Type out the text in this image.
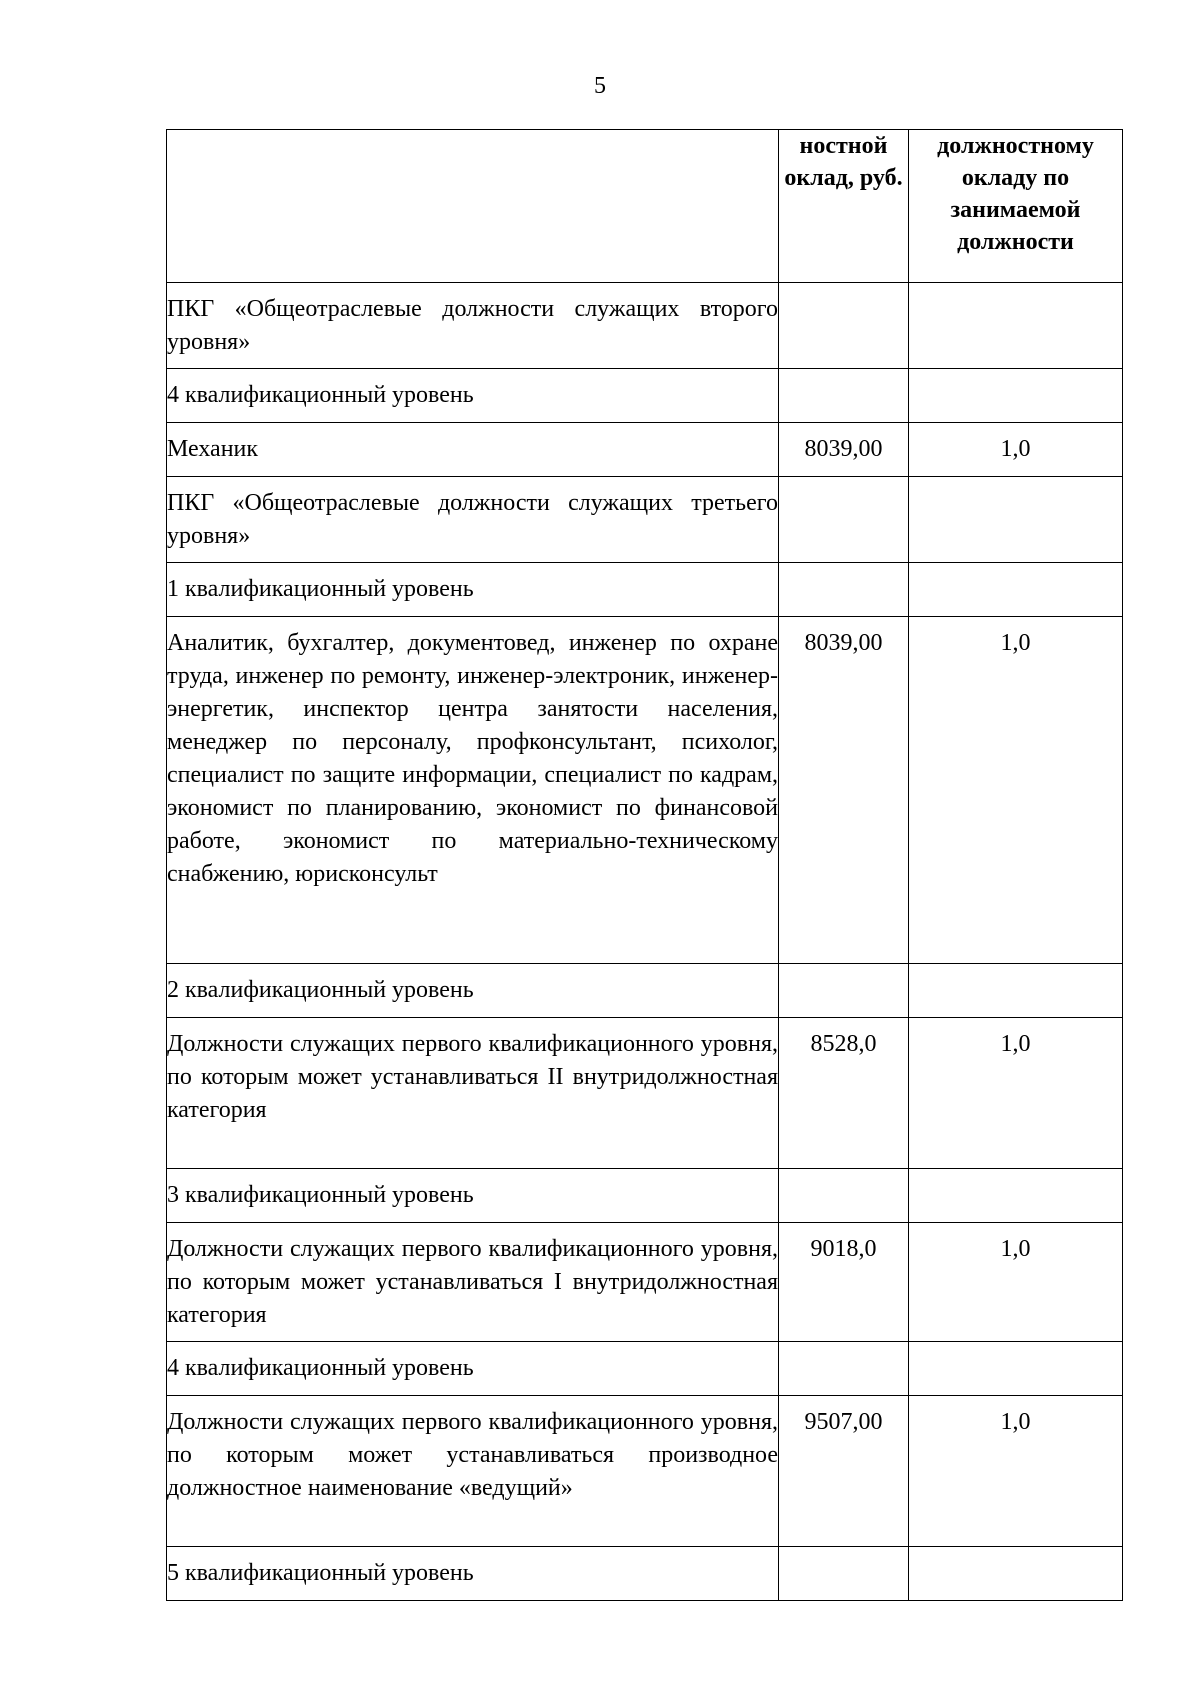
5
	ностной оклад, руб.	должностному окладу по занимаемой должности
ПКГ «Общеотраслевые должности служащих второго уровня»		
4 квалификационный уровень		
Механик	8039,00	1,0
ПКГ «Общеотраслевые должности служащих третьего уровня»		
1 квалификационный уровень		
Аналитик, бухгалтер, документовед, инженер по охране труда, инженер по ремонту, инженер-электроник, инженер-энергетик, инспектор центра занятости населения, менеджер по персоналу, профконсультант, психолог, специалист по защите информации, специалист по кадрам, экономист по планированию, экономист по финансовой работе, экономист по материально-техническому снабжению, юрисконсульт	8039,00	1,0
2 квалификационный уровень		
Должности служащих первого квалификационного уровня, по которым может устанавливаться II внутридолжностная категория	8528,0	1,0
3 квалификационный уровень		
Должности служащих первого квалификационного уровня, по которым может устанавливаться I внутридолжностная категория	9018,0	1,0
4 квалификационный уровень		
Должности служащих первого квалификационного уровня, по которым может устанавливаться производное должностное наименование «ведущий»	9507,00	1,0
5 квалификационный уровень		
